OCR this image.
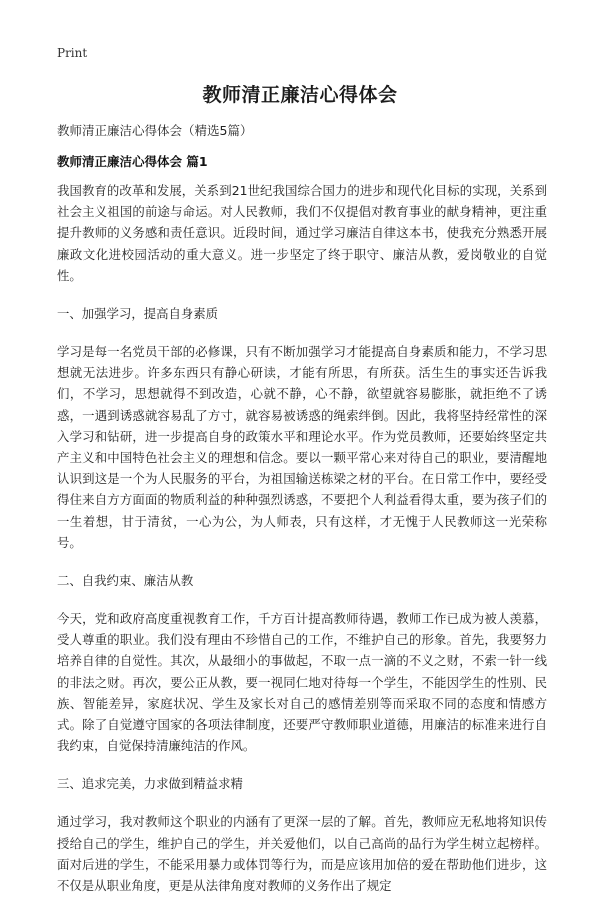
Print
教师清正廉洁心得体会
教师清正廉洁心得体会（精选5篇）
教师清正廉洁心得体会 篇1

我国教育的改革和发展，关系到21世纪我国综合国力的进步和现代化目标的实现，关系到社会主义祖国的前途与命运。对人民教师，我们不仅提倡对教育事业的献身精神，更注重提升教师的义务感和责任意识。近段时间，通过学习廉洁自律这本书，使我充分熟悉开展廉政文化进校园活动的重大意义。进一步坚定了终于职守、廉洁从教，爱岗敬业的自觉性。

一、加强学习，提高自身素质

学习是每一名党员干部的必修课，只有不断加强学习才能提高自身素质和能力，不学习思想就无法进步。许多东西只有静心研读，才能有所思，有所获。活生生的事实还告诉我们，不学习，思想就得不到改造，心就不静，心不静，欲望就容易膨胀，就拒绝不了诱惑，一遇到诱惑就容易乱了方寸，就容易被诱惑的绳索绊倒。因此，我将坚持经常性的深入学习和钻研，进一步提高自身的政策水平和理论水平。作为党员教师，还要始终坚定共产主义和中国特色社会主义的理想和信念。要以一颗平常心来对待自己的职业，要清醒地认识到这是一个为人民服务的平台，为祖国输送栋梁之材的平台。在日常工作中，要经受得住来自方方面面的物质利益的种种强烈诱惑，不要把个人利益看得太重，要为孩子们的一生着想，甘于清贫，一心为公，为人师表，只有这样，才无愧于人民教师这一光荣称号。

二、自我约束、廉洁从教

今天，党和政府高度重视教育工作，千方百计提高教师待遇，教师工作已成为被人羡慕，受人尊重的职业。我们没有理由不珍惜自己的工作，不维护自己的形象。首先，我要努力培养自律的自觉性。其次，从最细小的事做起，不取一点一滴的不义之财，不索一针一线的非法之财。再次，要公正从教，要一视同仁地对待每一个学生，不能因学生的性别、民族、智能差异，家庭状况、学生及家长对自己的感情差别等而采取不同的态度和情感方式。除了自觉遵守国家的各项法律制度，还要严守教师职业道德，用廉洁的标准来进行自我约束，自觉保持清廉纯洁的作风。

三、追求完美，力求做到精益求精

通过学习，我对教师这个职业的内涵有了更深一层的了解。首先，教师应无私地将知识传授给自己的学生，维护自己的学生，并关爱他们，以自己高尚的品行为学生树立起榜样。面对后进的学生，不能采用暴力或体罚等行为，而是应该用加倍的爱在帮助他们进步，这不仅是从职业角度，更是从法律角度对教师的义务作出了规定
